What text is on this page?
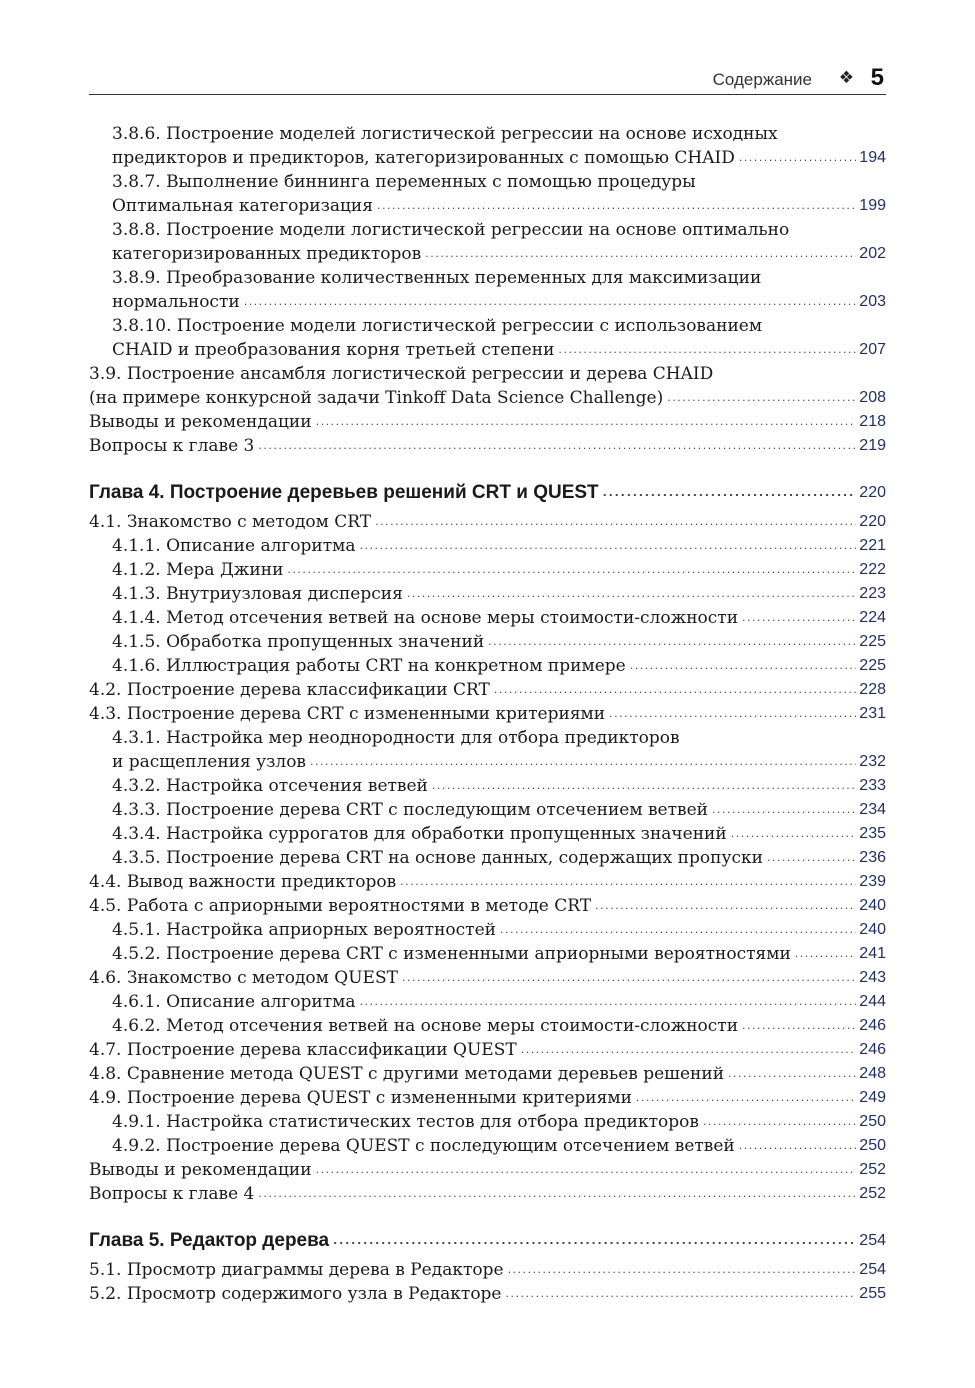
Содержание ❖ 5
3.8.6. Построение моделей логистической регрессии на основе исходных
предикторов и предикторов, категоризированных с помощью CHAID . . .	194
3.8.7. Выполнение биннинга переменных с помощью процедуры
Оптимальная категоризация . . .	199
3.8.8. Построение модели логистической регрессии на основе оптимально
категоризированных предикторов . . .	202
3.8.9. Преобразование количественных переменных для максимизации
нормальности . . .	203
3.8.10. Построение модели логистической регрессии с использованием
CHAID и преобразования корня третьей степени . . .	207
3.9. Построение ансамбля логистической регрессии и дерева CHAID
(на примере конкурсной задачи Tinkoff Data Science Challenge) . . .	208
Выводы и рекомендации . . .	218
Вопросы к главе 3 . . .	219
Глава 4. Построение деревьев решений CRT и QUEST . . .	220
4.1. Знакомство с методом CRT . . .	220
4.1.1. Описание алгоритма . . .	221
4.1.2. Мера Джини . . .	222
4.1.3. Внутриузловая дисперсия . . .	223
4.1.4. Метод отсечения ветвей на основе меры стоимости-сложности . . .	224
4.1.5. Обработка пропущенных значений . . .	225
4.1.6. Иллюстрация работы CRT на конкретном примере . . .	225
4.2. Построение дерева классификации CRT . . .	228
4.3. Построение дерева CRT с измененными критериями . . .	231
4.3.1. Настройка мер неоднородности для отбора предикторов
и расщепления узлов . . .	232
4.3.2. Настройка отсечения ветвей . . .	233
4.3.3. Построение дерева CRT с последующим отсечением ветвей . . .	234
4.3.4. Настройка суррогатов для обработки пропущенных значений . . .	235
4.3.5. Построение дерева CRT на основе данных, содержащих пропуски . . .	236
4.4. Вывод важности предикторов . . .	239
4.5. Работа с априорными вероятностями в методе CRT . . .	240
4.5.1. Настройка априорных вероятностей . . .	240
4.5.2. Построение дерева CRT с измененными априорными вероятностями . . .	241
4.6. Знакомство с методом QUEST . . .	243
4.6.1. Описание алгоритма . . .	244
4.6.2. Метод отсечения ветвей на основе меры стоимости-сложности . . .	246
4.7. Построение дерева классификации QUEST . . .	246
4.8. Сравнение метода QUEST с другими методами деревьев решений . . .	248
4.9. Построение дерева QUEST с измененными критериями . . .	249
4.9.1. Настройка статистических тестов для отбора предикторов . . .	250
4.9.2. Построение дерева QUEST с последующим отсечением ветвей . . .	250
Выводы и рекомендации . . .	252
Вопросы к главе 4 . . .	252
Глава 5. Редактор дерева . . .	254
5.1. Просмотр диаграммы дерева в Редакторе . . .	254
5.2. Просмотр содержимого узла в Редакторе . . .	255
